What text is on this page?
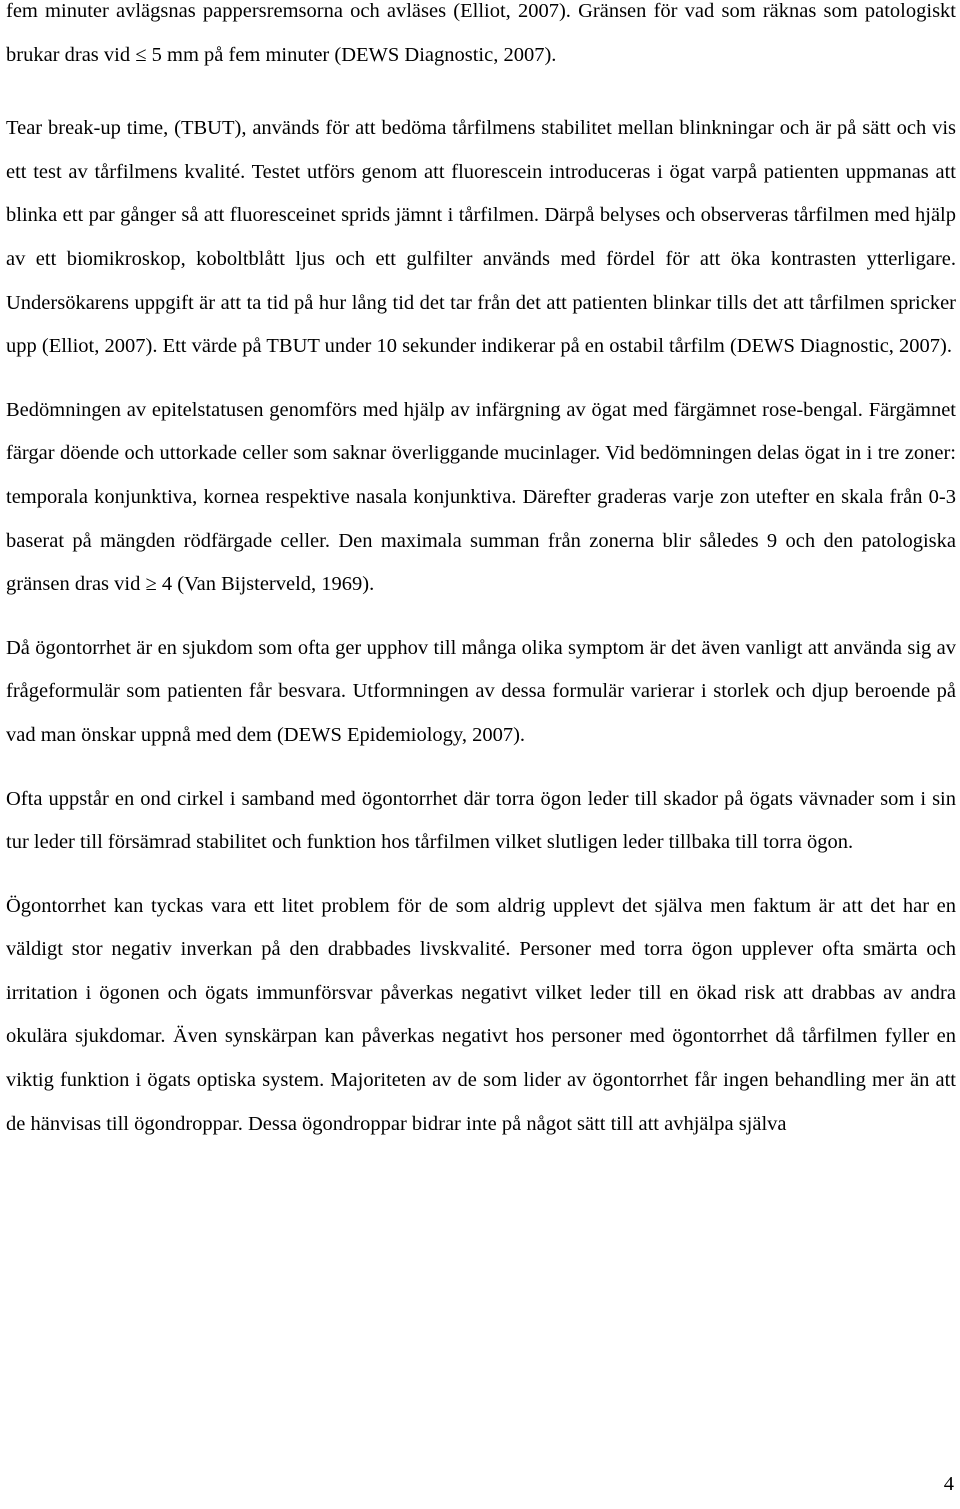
fem minuter avlägsnas pappersremsorna och avläses (Elliot, 2007). Gränsen för vad som räknas som patologiskt brukar dras vid ≤ 5 mm på fem minuter (DEWS Diagnostic, 2007).

Tear break-up time, (TBUT), används för att bedöma tårfilmens stabilitet mellan blinkningar och är på sätt och vis ett test av tårfilmens kvalité. Testet utförs genom att fluorescein introduceras i ögat varpå patienten uppmanas att blinka ett par gånger så att fluoresceinet sprids jämnt i tårfilmen. Därpå belyses och observeras tårfilmen med hjälp av ett biomikroskop, koboltblått ljus och ett gulfilter används med fördel för att öka kontrasten ytterligare. Undersökarens uppgift är att ta tid på hur lång tid det tar från det att patienten blinkar tills det att tårfilmen spricker upp (Elliot, 2007). Ett värde på TBUT under 10 sekunder indikerar på en ostabil tårfilm (DEWS Diagnostic, 2007).

Bedömningen av epitelstatusen genomförs med hjälp av infärgning av ögat med färgämnet rose-bengal. Färgämnet färgar döende och uttorkade celler som saknar överliggande mucinlager. Vid bedömningen delas ögat in i tre zoner: temporala konjunktiva, kornea respektive nasala konjunktiva. Därefter graderas varje zon utefter en skala från 0-3 baserat på mängden rödfärgade celler. Den maximala summan från zonerna blir således 9 och den patologiska gränsen dras vid ≥ 4 (Van Bijsterveld, 1969).

Då ögontorrhet är en sjukdom som ofta ger upphov till många olika symptom är det även vanligt att använda sig av frågeformulär som patienten får besvara. Utformningen av dessa formulär varierar i storlek och djup beroende på vad man önskar uppnå med dem (DEWS Epidemiology, 2007).

Ofta uppstår en ond cirkel i samband med ögontorrhet där torra ögon leder till skador på ögats vävnader som i sin tur leder till försämrad stabilitet och funktion hos tårfilmen vilket slutligen leder tillbaka till torra ögon.

Ögontorrhet kan tyckas vara ett litet problem för de som aldrig upplevt det själva men faktum är att det har en väldigt stor negativ inverkan på den drabbades livskvalité. Personer med torra ögon upplever ofta smärta och irritation i ögonen och ögats immunförsvar påverkas negativt vilket leder till en ökad risk att drabbas av andra okulära sjukdomar. Även synskärpan kan påverkas negativt hos personer med ögontorrhet då tårfilmen fyller en viktig funktion i ögats optiska system. Majoriteten av de som lider av ögontorrhet får ingen behandling mer än att de hänvisas till ögondroppar. Dessa ögondroppar bidrar inte på något sätt till att avhjälpa själva

4
